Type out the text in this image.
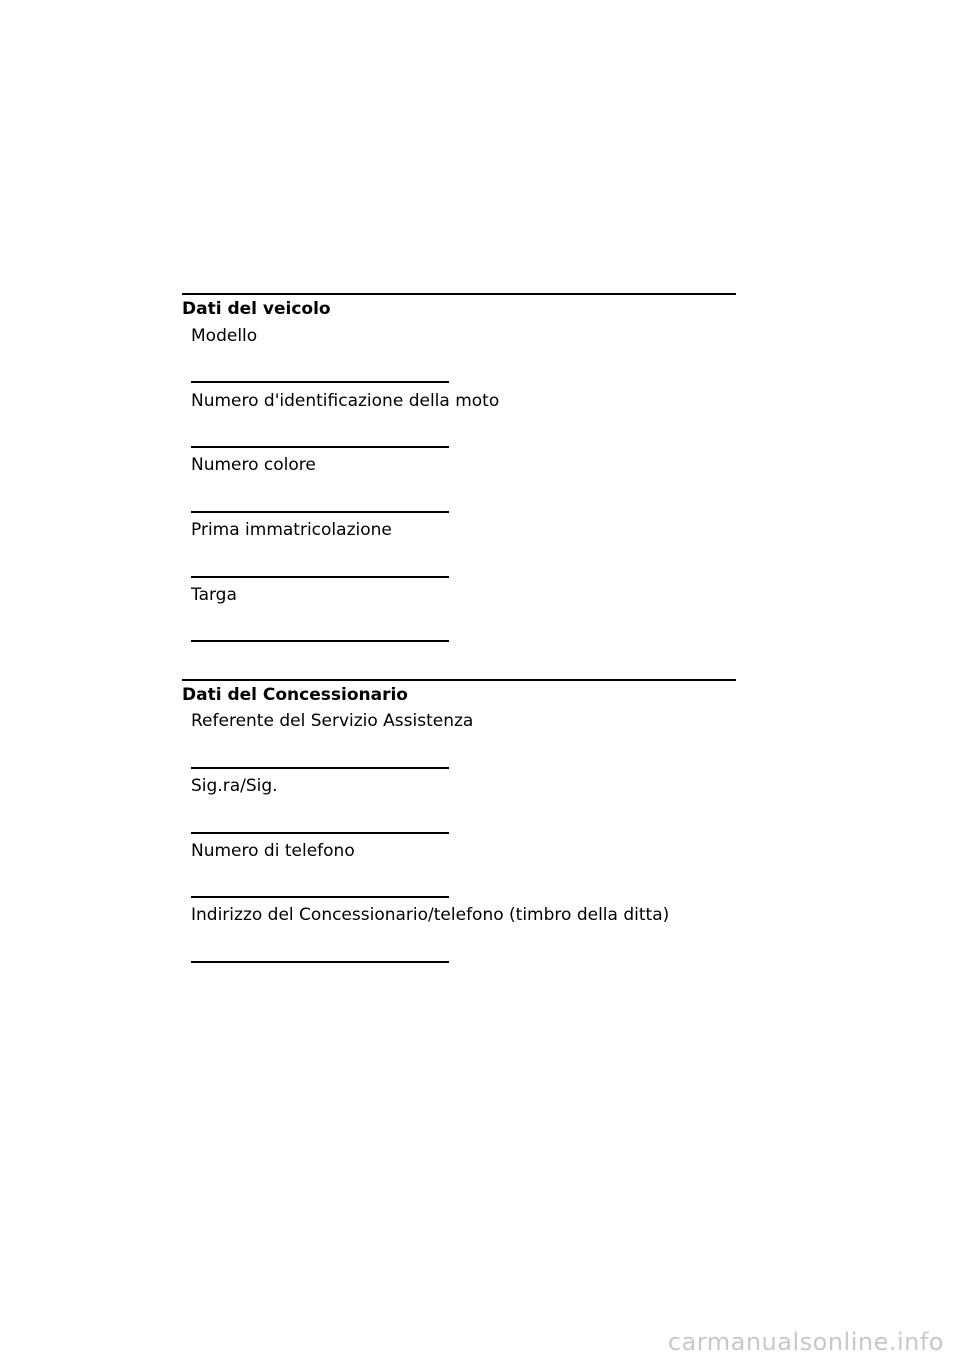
Dati del veicolo
Modello
Numero d'identificazione della moto
Numero colore
Prima immatricolazione
Targa
Dati del Concessionario
Referente del Servizio Assistenza
Sig.ra/Sig.
Numero di telefono
Indirizzo del Concessionario/telefono (timbro della ditta)
carmanualsonline.info
